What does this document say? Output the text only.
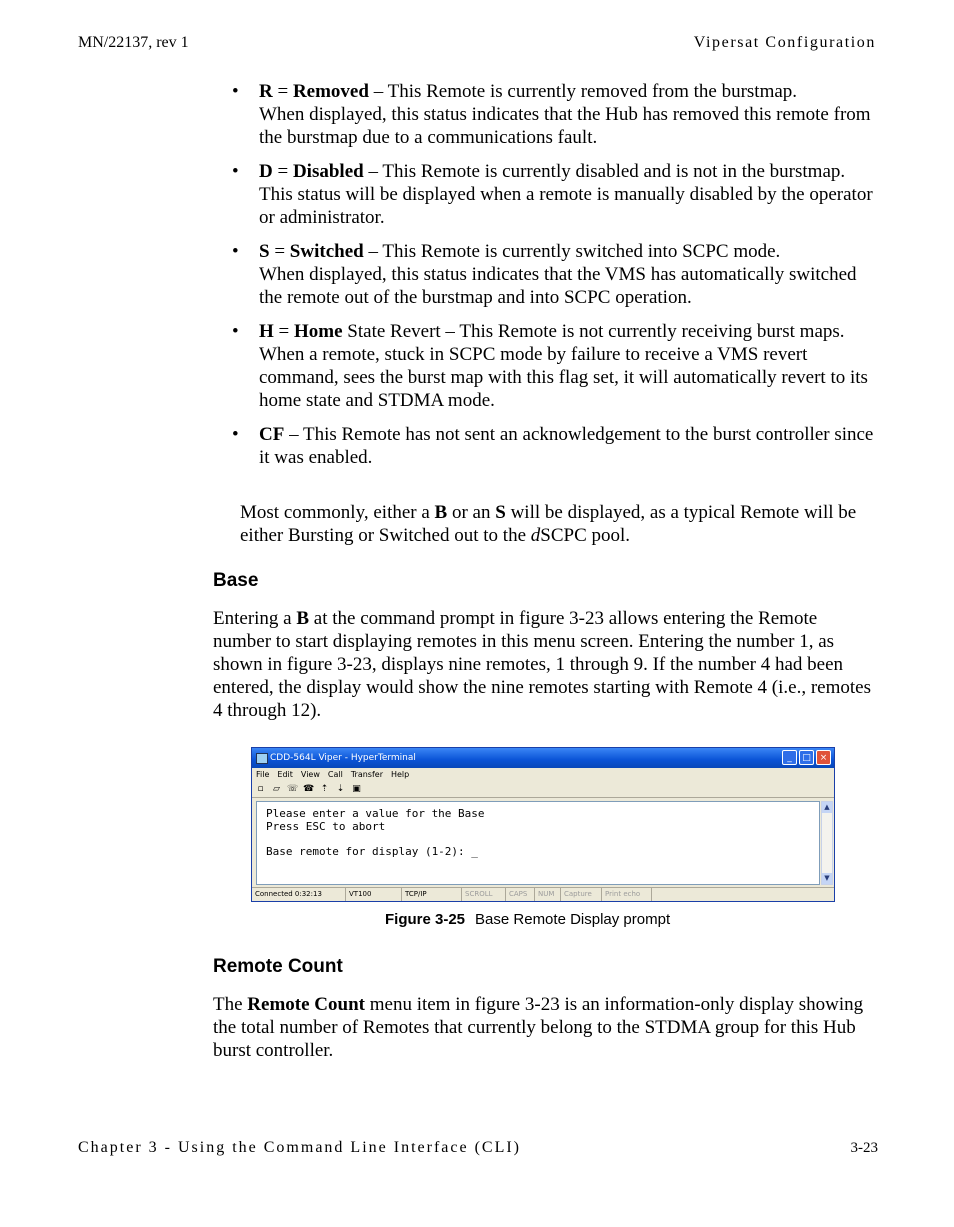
MN/22137, rev 1	Vipersat Configuration
• R = Removed – This Remote is currently removed from the burstmap.
When displayed, this status indicates that the Hub has removed this remote from the burstmap due to a communications fault.
• D = Disabled – This Remote is currently disabled and is not in the burstmap.
This status will be displayed when a remote is manually disabled by the operator or administrator.
• S = Switched – This Remote is currently switched into SCPC mode.
When displayed, this status indicates that the VMS has automatically switched the remote out of the burstmap and into SCPC operation.
• H = Home State Revert – This Remote is not currently receiving burst maps. When a remote, stuck in SCPC mode by failure to receive a VMS revert command, sees the burst map with this flag set, it will automatically revert to its home state and STDMA mode.
• CF – This Remote has not sent an acknowledgement to the burst controller since it was enabled.
Most commonly, either a B or an S will be displayed, as a typical Remote will be either Bursting or Switched out to the dSCPC pool.
Base
Entering a B at the command prompt in figure 3-23 allows entering the Remote number to start displaying remotes in this menu screen. Entering the number 1, as shown in figure 3-23, displays nine remotes, 1 through 9. If the number 4 had been entered, the display would show the nine remotes starting with Remote 4 (i.e., remotes 4 through 12).
CDD-564L Viper - HyperTerminal	_	□ ×
File Edit View Call Transfer Help
▫ ▱ ☏ ☎ ⇡ ⇣ ▣
Please enter a value for the Base
Press ESC to abort

Base remote for display (1-2): _
▲
▼
Connected 0:32:13	VT100	TCP/IP	SCROLL	CAPS	NUM	Capture	Print echo
Figure 3-25 Base Remote Display prompt
Remote Count
The Remote Count menu item in figure 3-23 is an information-only display showing the total number of Remotes that currently belong to the STDMA group for this Hub burst controller.
Chapter 3 - Using the Command Line Interface (CLI)	3-23
